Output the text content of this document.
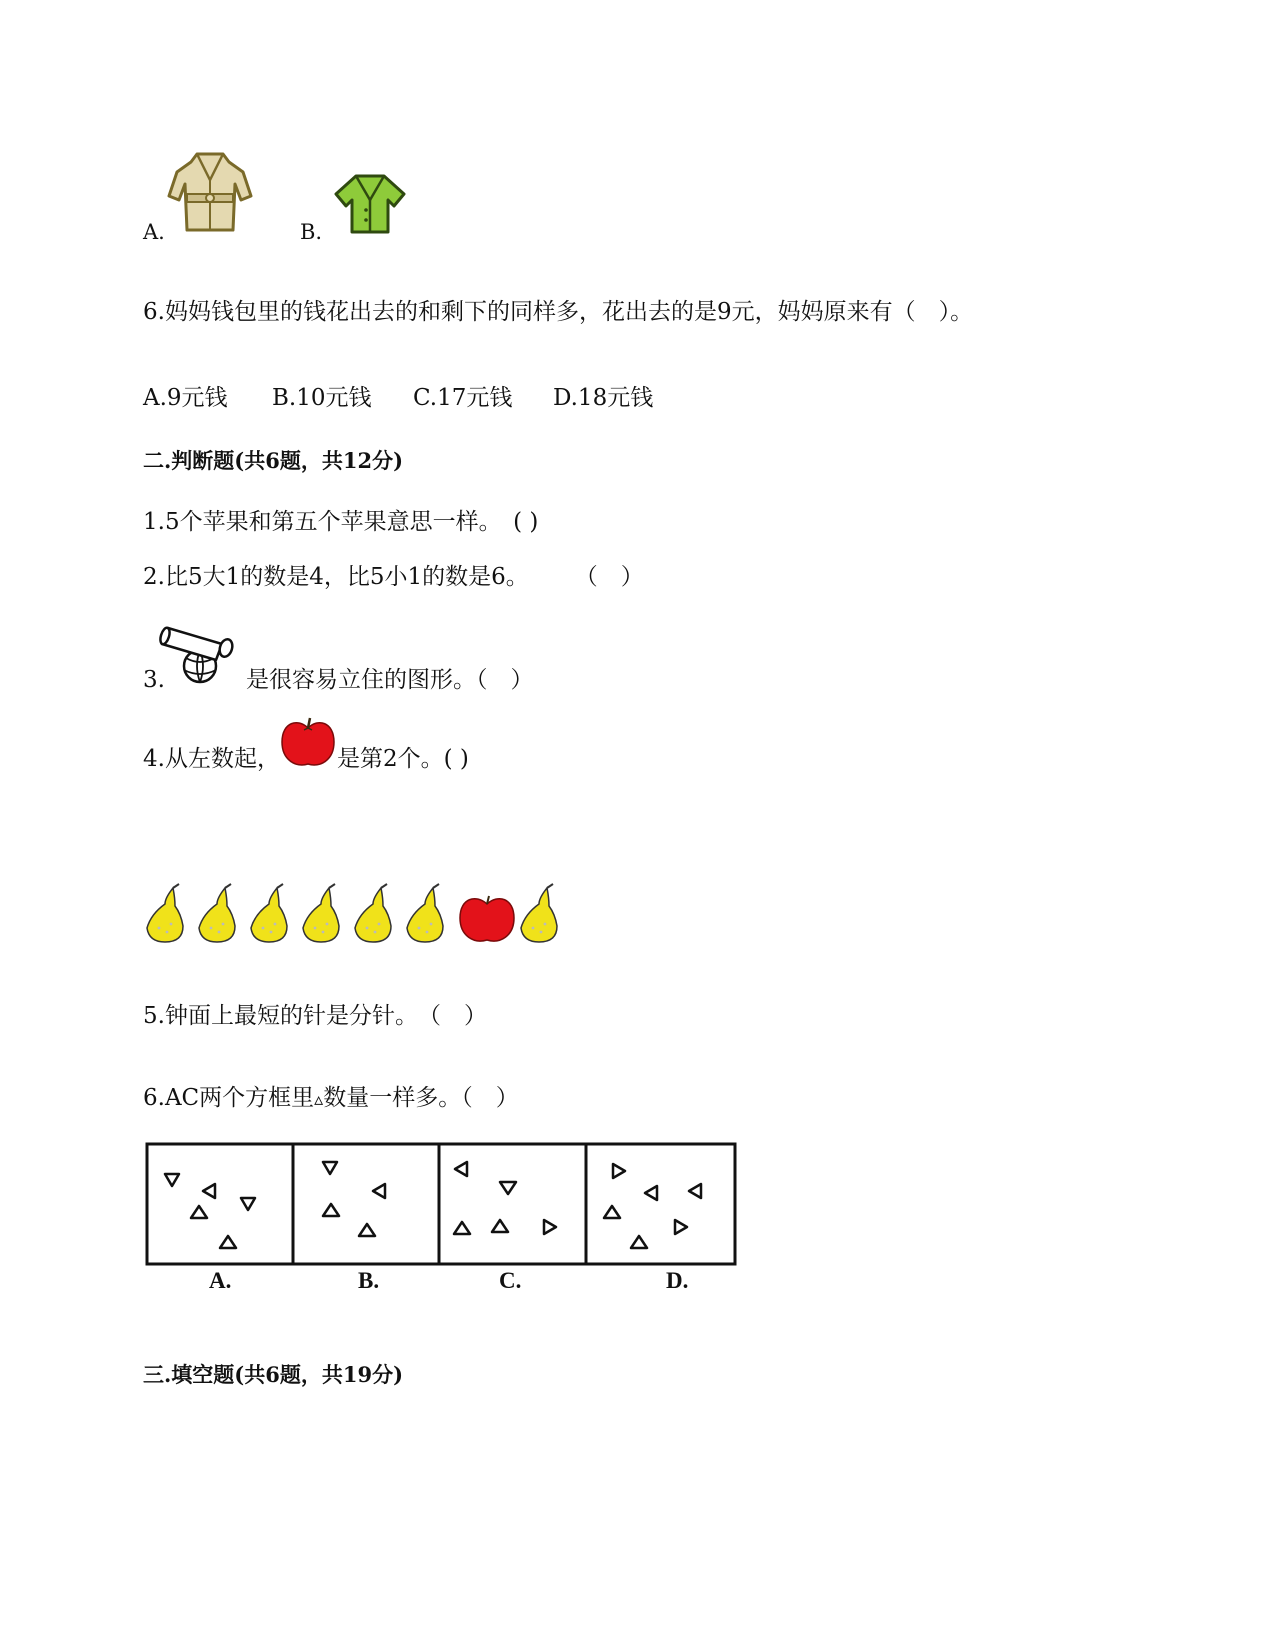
A.	B.
6.妈妈钱包里的钱花出去的和剩下的同样多，花出去的是9元，妈妈原来有（　）。
A.9元钱 B.10元钱 C.17元钱 D.18元钱
二.判断题(共6题，共12分)
1.5个苹果和第五个苹果意思一样。　( )
2.比5大1的数是4，比5小1的数是6。　　　（　）
3.	是很容易立住的图形。（　）
4.从左数起， 是第2个。( )
5.钟面上最短的针是分针。　（　）
6.AC两个方框里▵数量一样多。（　）
A.	B.	C.	D.
三.填空题(共6题，共19分)
